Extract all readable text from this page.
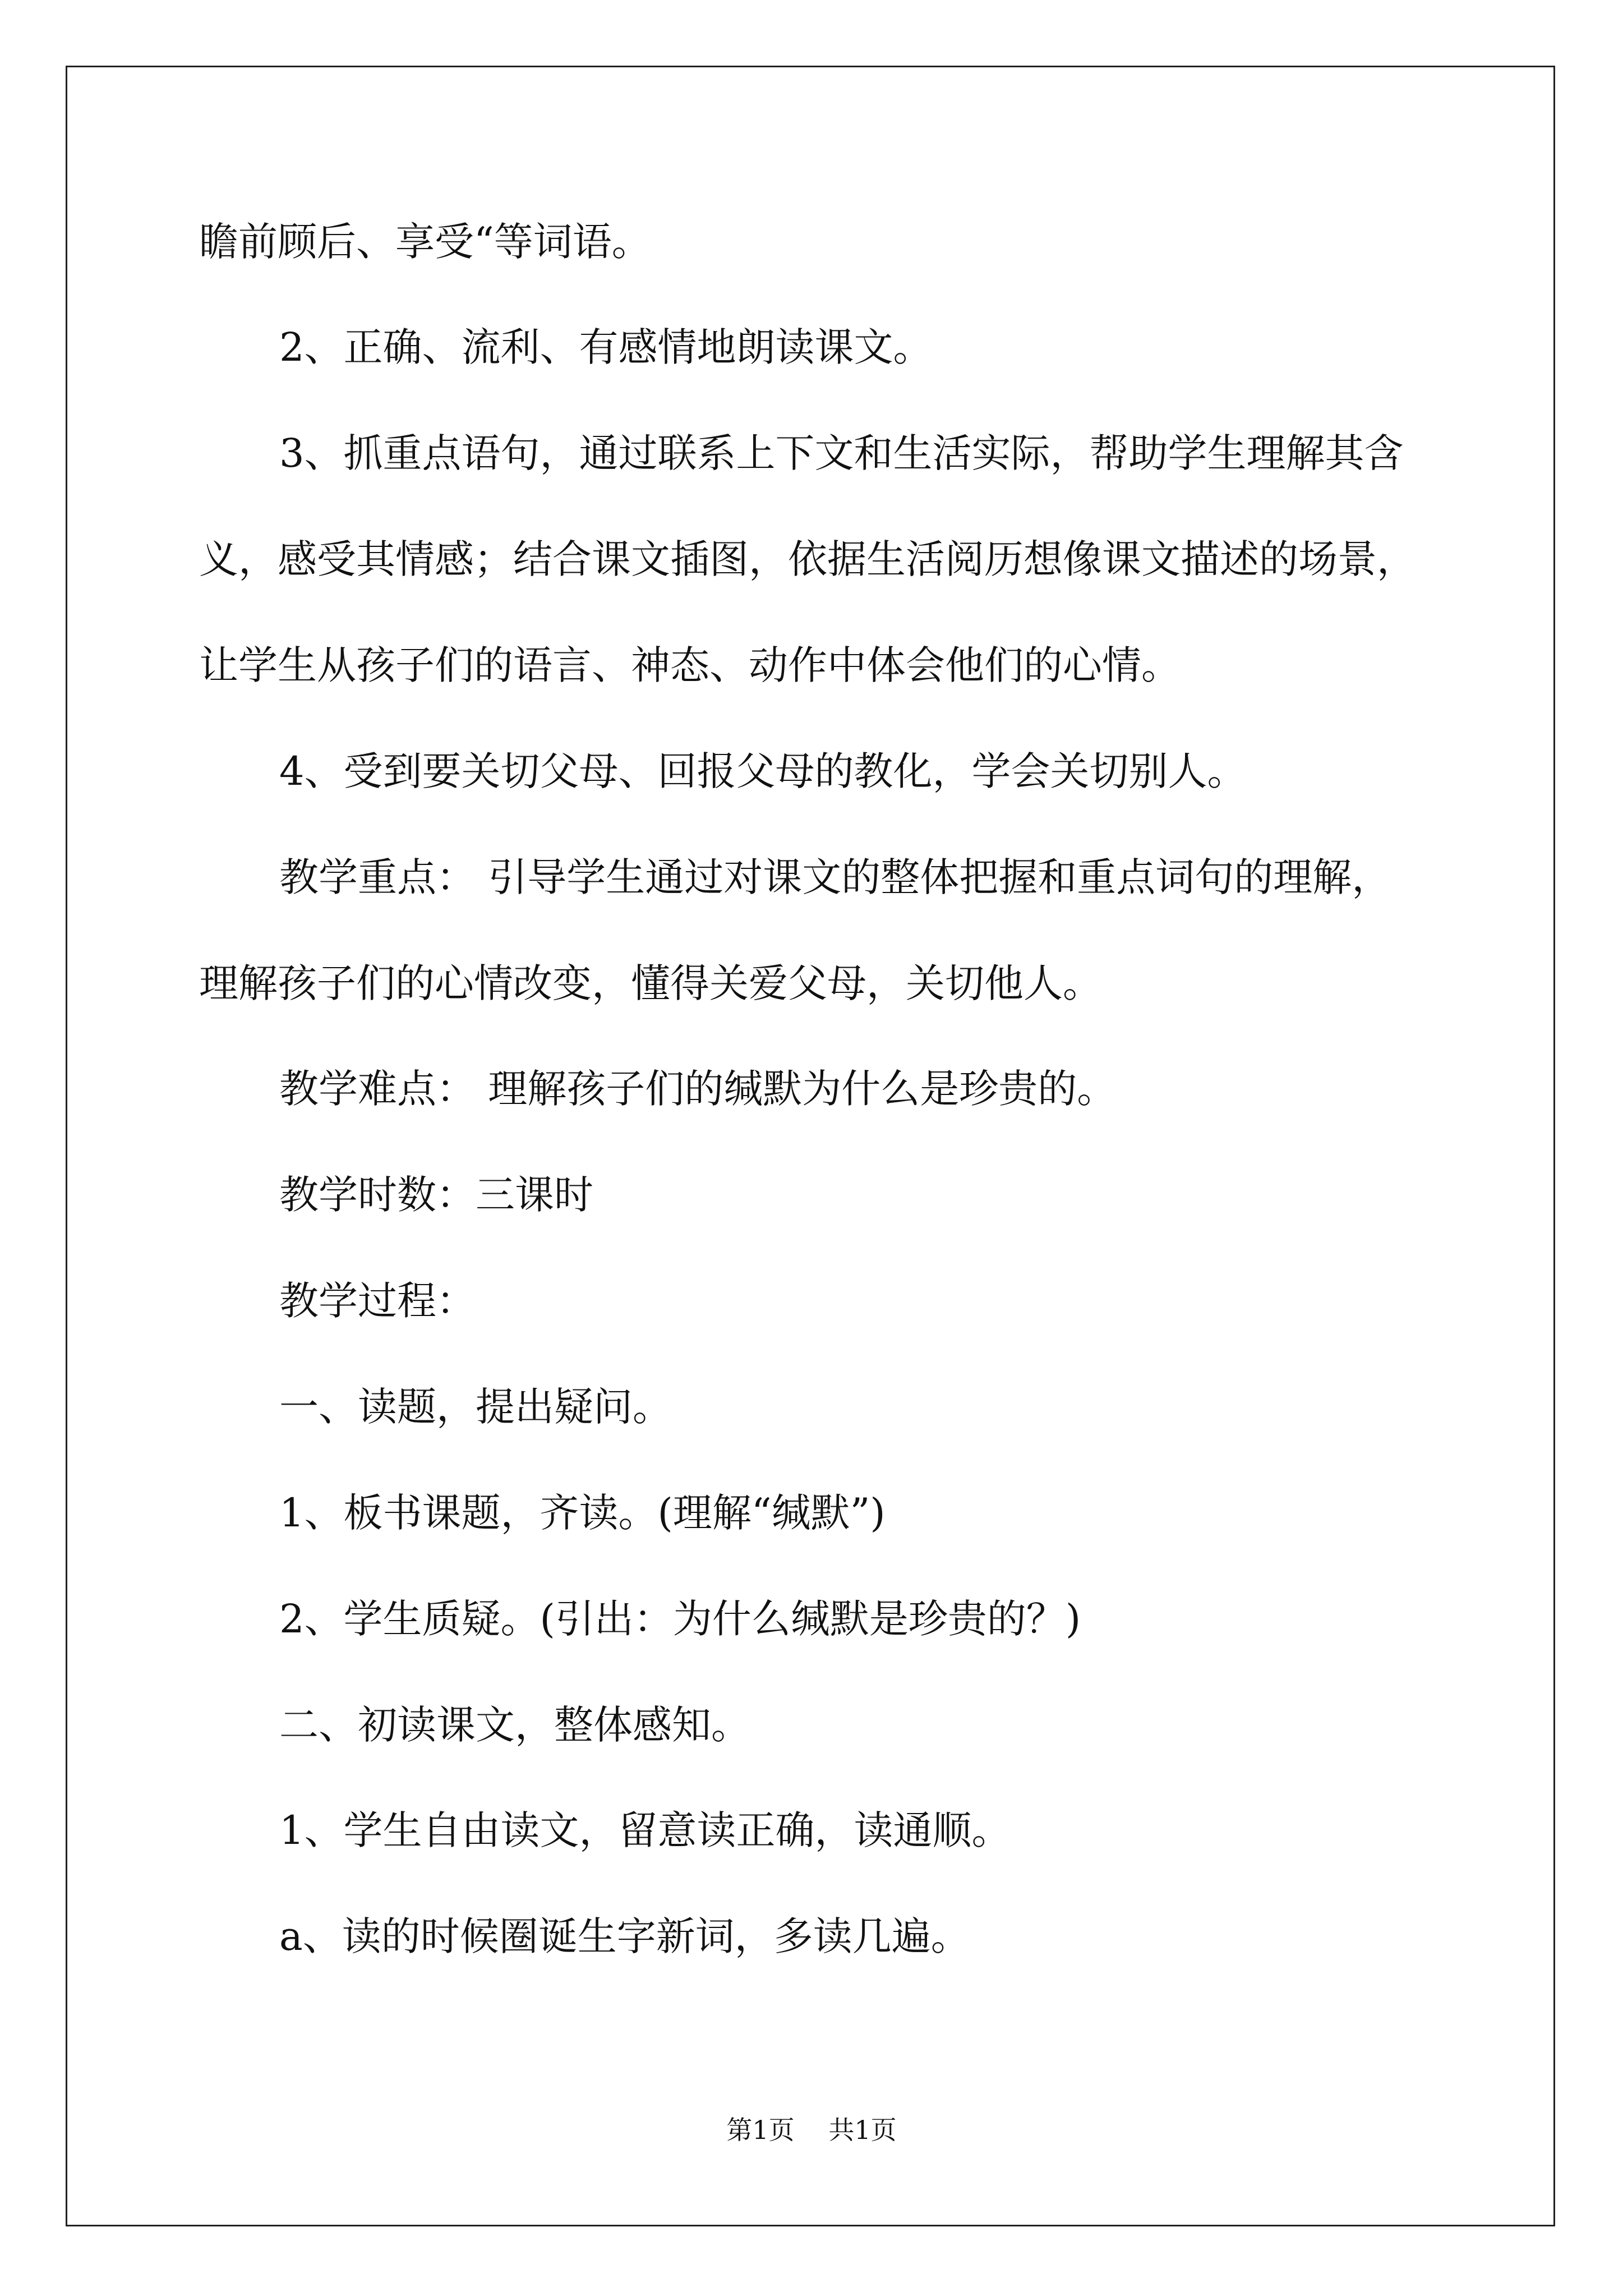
瞻前顾后、享受“等词语。
2、正确、流利、有感情地朗读课文。
3、抓重点语句，通过联系上下文和生活实际，帮助学生理解其含
义，感受其情感；结合课文插图，依据生活阅历想像课文描述的场景，
让学生从孩子们的语言、神态、动作中体会他们的心情。
4、受到要关切父母、回报父母的教化，学会关切别人。
教学重点： 引导学生通过对课文的整体把握和重点词句的理解，
理解孩子们的心情改变，懂得关爱父母，关切他人。
教学难点： 理解孩子们的缄默为什么是珍贵的。
教学时数：三课时
教学过程：
一、读题，提出疑问。
1、板书课题，齐读。(理解“缄默”)
2、学生质疑。(引出：为什么缄默是珍贵的？)
二、初读课文，整体感知。
1、学生自由读文，留意读正确，读通顺。
a、读的时候圈诞生字新词，多读几遍。
第1页 共1页
